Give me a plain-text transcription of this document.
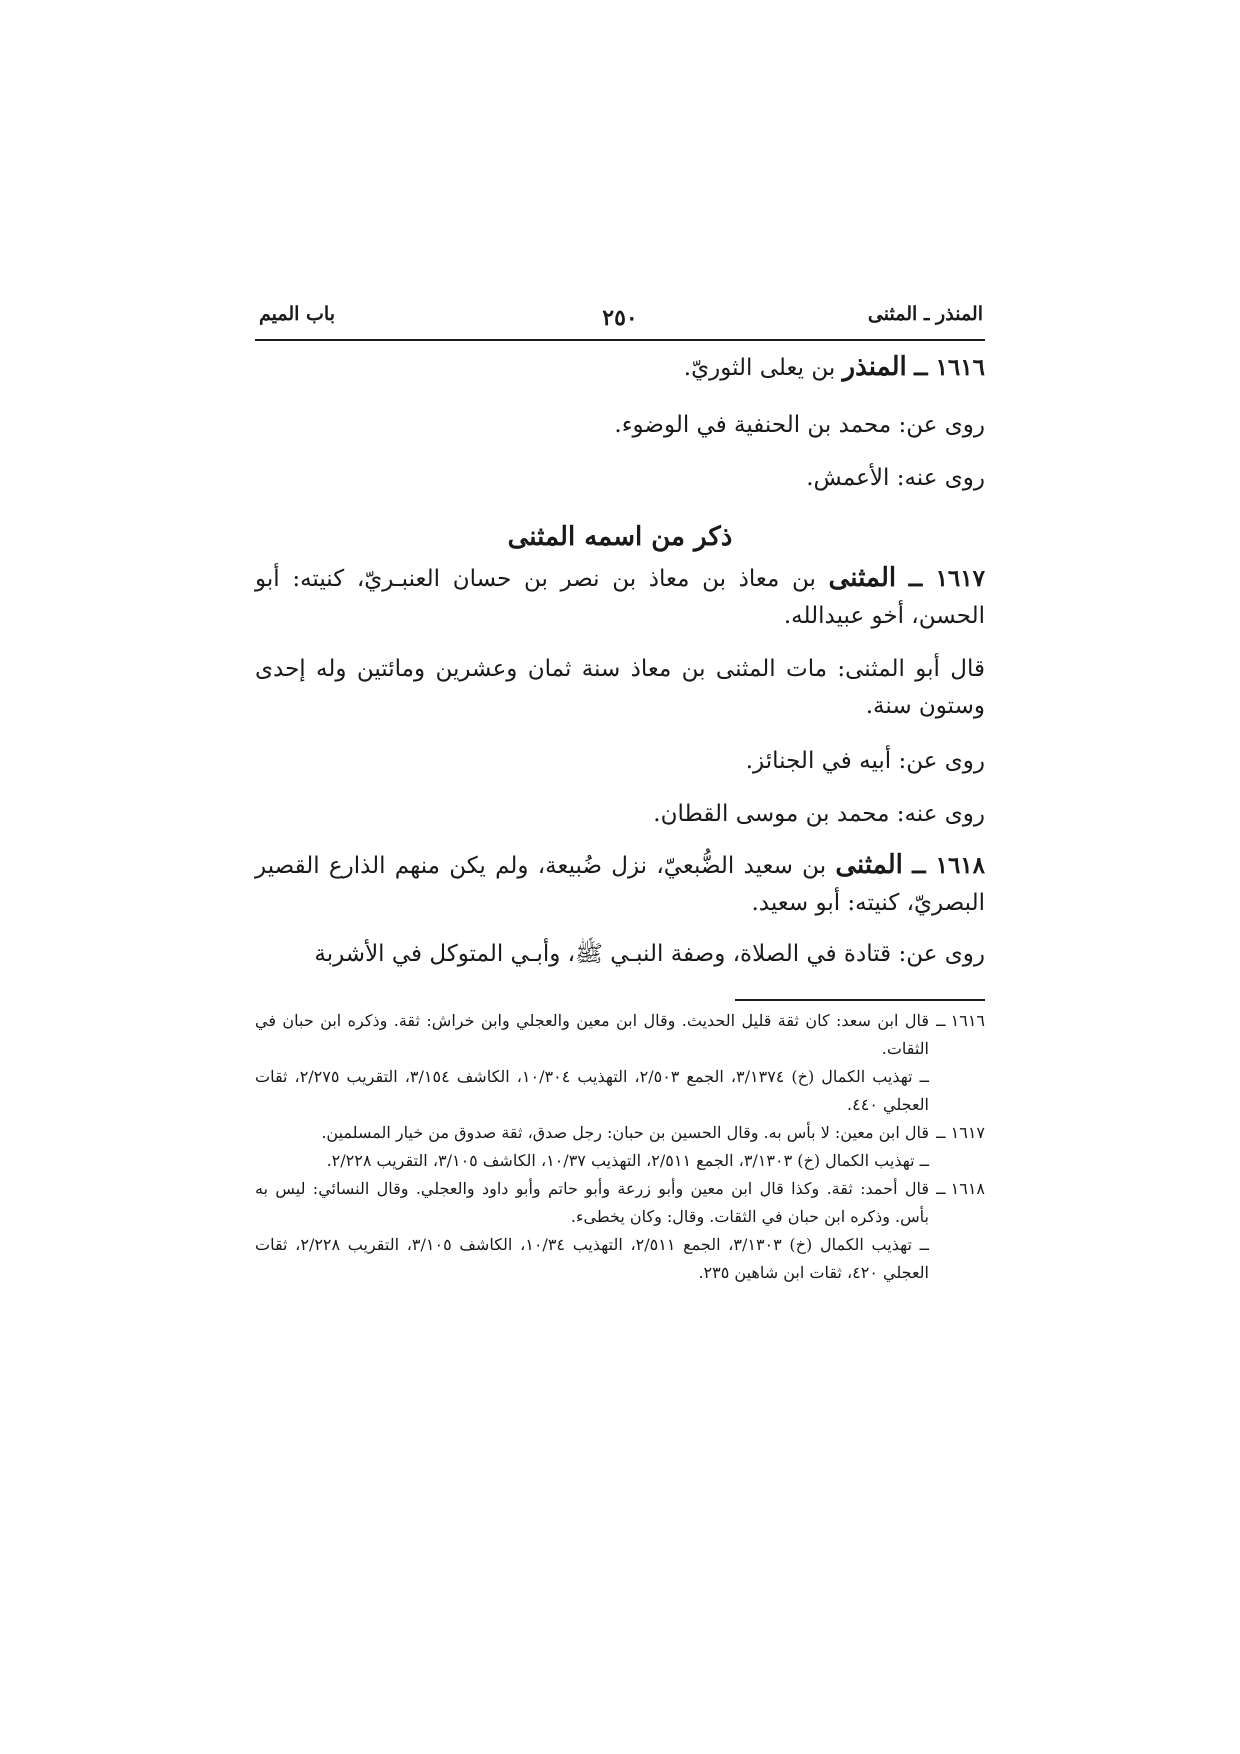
المنذر ـ المثنى
٢٥٠
باب الميم

١٦١٦ ــ المنذر بن يعلى الثوريّ.

روى عن: محمد بن الحنفية في الوضوء.

روى عنه: الأعمش.

ذكر من اسمه المثنى

١٦١٧ ــ المثنى بن معاذ بن معاذ بن نصر بن حسان العنبـريّ، كنيته: أبو الحسن، أخو عبيدالله.

قال أبو المثنى: مات المثنى بن معاذ سنة ثمان وعشرين ومائتين وله إحدى وستون سنة.

روى عن: أبيه في الجنائز.

روى عنه: محمد بن موسى القطان.

١٦١٨ ــ المثنى بن سعيد الضُّبعيّ، نزل ضُبيعة، ولم يكن منهم الذارع القصير البصريّ، كنيته: أبو سعيد.

روى عن: قتادة في الصلاة، وصفة النبـي ﷺ، وأبـي المتوكل في الأشربة

١٦١٦ ــ
قال ابن سعد: كان ثقة قليل الحديث. وقال ابن معين والعجلي وابن خراش: ثقة. وذكره ابن حبان في الثقات.
ــ تهذيب الكمال (خ) ٣/١٣٧٤، الجمع ٢/٥٠٣، التهذيب ١٠/٣٠٤، الكاشف ٣/١٥٤، التقريب ٢/٢٧٥، ثقات العجلي ٤٤٠.
١٦١٧ ــ
قال ابن معين: لا بأس به. وقال الحسين بن حبان: رجل صدق، ثقة صدوق من خيار المسلمين.
ــ تهذيب الكمال (خ) ٣/١٣٠٣، الجمع ٢/٥١١، التهذيب ١٠/٣٧، الكاشف ٣/١٠٥، التقريب ٢/٢٢٨.
١٦١٨ ــ
قال أحمد: ثقة. وكذا قال ابن معين وأبو زرعة وأبو حاتم وأبو داود والعجلي. وقال النسائي: ليس به بأس. وذكره ابن حبان في الثقات. وقال: وكان يخطىء.
ــ تهذيب الكمال (خ) ٣/١٣٠٣، الجمع ٢/٥١١، التهذيب ١٠/٣٤، الكاشف ٣/١٠٥، التقريب ٢/٢٢٨، ثقات العجلي ٤٢٠، ثقات ابن شاهين ٢٣٥.
